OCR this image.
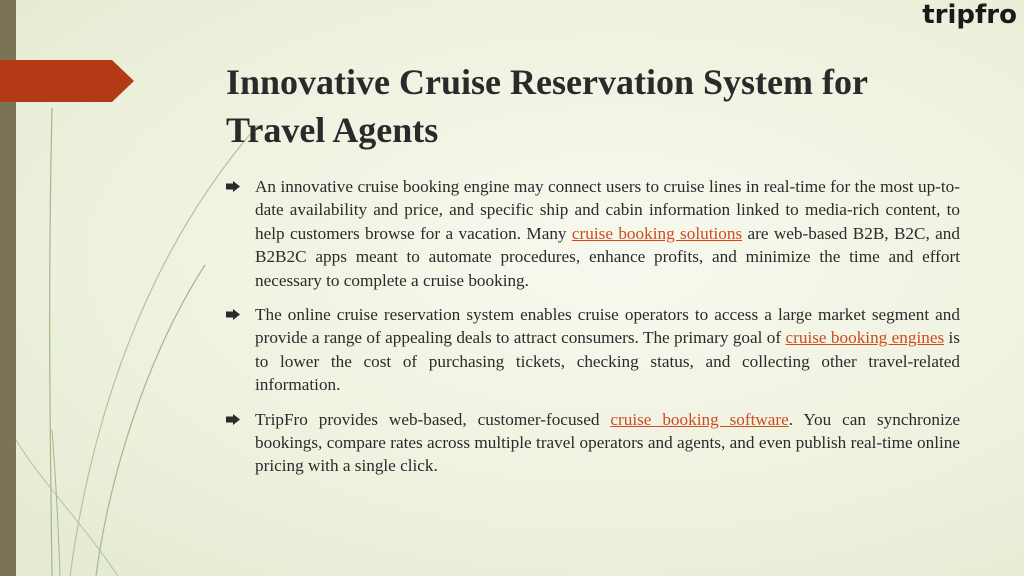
tripfro
Innovative Cruise Reservation System for Travel Agents
An innovative cruise booking engine may connect users to cruise lines in real-time for the most up-to-date availability and price, and specific ship and cabin information linked to media-rich content, to help customers browse for a vacation. Many cruise booking solutions are web-based B2B, B2C, and B2B2C apps meant to automate procedures, enhance profits, and minimize the time and effort necessary to complete a cruise booking.
The online cruise reservation system enables cruise operators to access a large market segment and provide a range of appealing deals to attract consumers. The primary goal of cruise booking engines is to lower the cost of purchasing tickets, checking status, and collecting other travel-related information.
TripFro provides web-based, customer-focused cruise booking software. You can synchronize bookings, compare rates across multiple travel operators and agents, and even publish real-time online pricing with a single click.
